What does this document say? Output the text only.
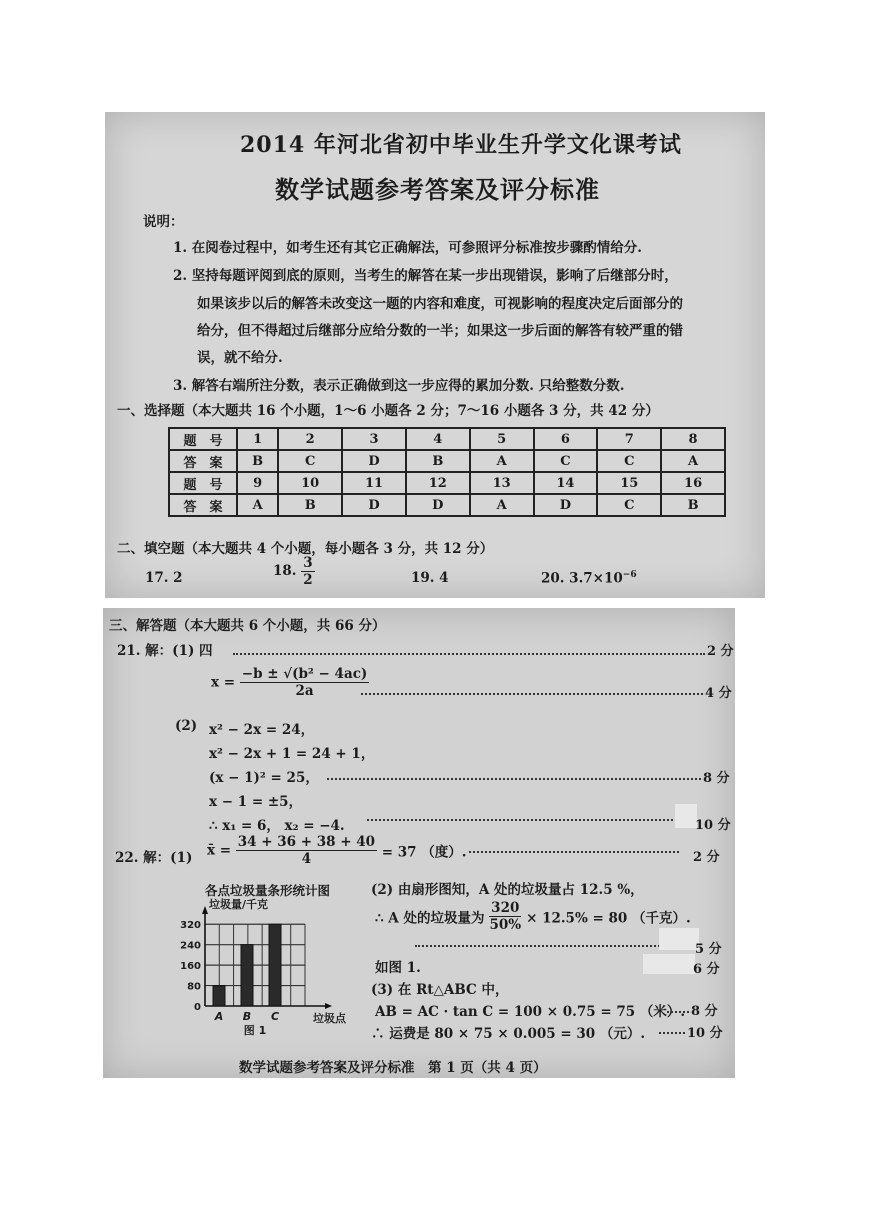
2014 年河北省初中毕业生升学文化课考试
数学试题参考答案及评分标准
说明：
1. 在阅卷过程中，如考生还有其它正确解法，可参照评分标准按步骤酌情给分.
2. 坚持每题评阅到底的原则，当考生的解答在某一步出现错误，影响了后继部分时，
如果该步以后的解答未改变这一题的内容和难度，可视影响的程度决定后面部分的
给分，但不得超过后继部分应给分数的一半；如果这一步后面的解答有较严重的错
误，就不给分.
3. 解答右端所注分数，表示正确做到这一步应得的累加分数. 只给整数分数.
一、选择题（本大题共 16 个小题，1～6 小题各 2 分；7～16 小题各 3 分，共 42 分）
题　号	1	2	3	4	5	6	7	8
答　案	B	C	D	B	A	C	C	A
题　号	9	10	11	12	13	14	15	16
答　案	A	B	D	D	A	D	C	B
二、填空题（本大题共 4 个小题，每小题各 3 分，共 12 分）
17. 2	18. $\frac{3}{2}$	19. 4	20. $3.7\times 10^{-6}$
三、解答题（本大题共 6 个小题，共 66 分）
21. 解：(1) 四	2 分
$x = \frac{\text{−b ± √(b² − 4ac)}}{2a}$	4 分
(2) x² − 2x = 24，
x² − 2x + 1 = 24 + 1，
(x − 1)² = 25，	8 分
x − 1 = ±5，
∴ x₁ = 6， x₂ = −4.	10 分
22. 解：(1) x̄ = $\frac{34 + 36 + 38 + 40}{4} = 37$ （度）.	2 分
各点垃圾量条形统计图
垃圾量/千克
0
80
160
240
320
A B C	垃圾点
图 1
(2) 由扇形图知，A 处的垃圾量占 12.5 %，
∴ A 处的垃圾量为 $\frac{320}{50\%} \times 12.5\% = 80$ （千克）.
5 分
如图 1.	6 分
(3) 在 Rt△ABC 中，
AB = AC · tan C = 100 × 0.75 = 75 （米）. 8 分
∴ 运费是 80 × 75 × 0.005 = 30 （元）.	10 分
数学试题参考答案及评分标准　第 1 页（共 4 页）
